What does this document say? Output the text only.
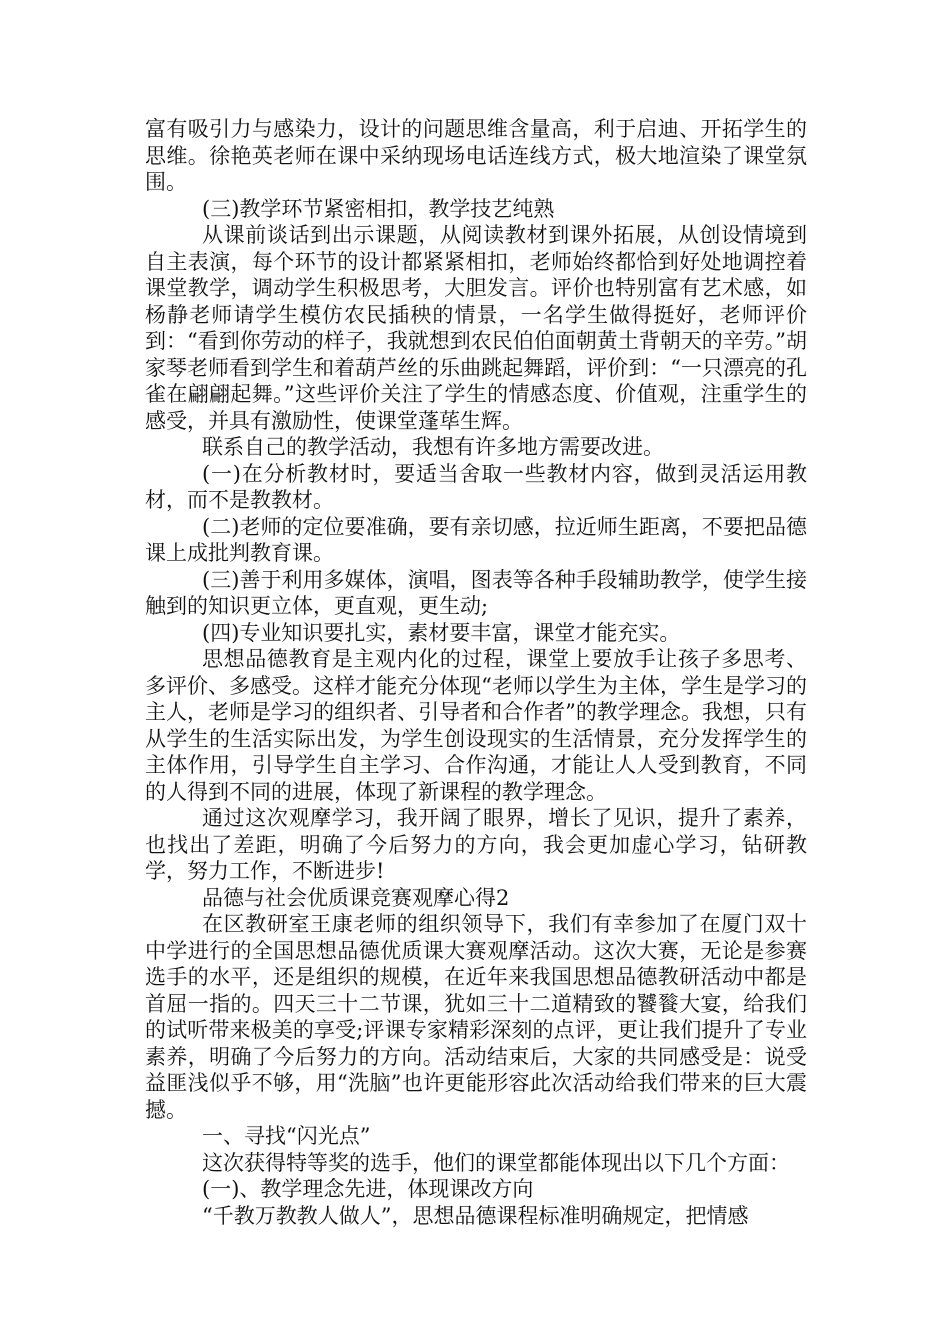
富有吸引力与感染力，设计的问题思维含量高，利于启迪、开拓学生的思维。徐艳英老师在课中采纳现场电话连线方式，极大地渲染了课堂氛围。

(三)教学环节紧密相扣，教学技艺纯熟

从课前谈话到出示课题，从阅读教材到课外拓展，从创设情境到自主表演，每个环节的设计都紧紧相扣，老师始终都恰到好处地调控着课堂教学，调动学生积极思考，大胆发言。评价也特别富有艺术感，如杨静老师请学生模仿农民插秧的情景，一名学生做得挺好，老师评价到：“看到你劳动的样子，我就想到农民伯伯面朝黄土背朝天的辛劳。”胡家琴老师看到学生和着葫芦丝的乐曲跳起舞蹈，评价到：“一只漂亮的孔雀在翩翩起舞。”这些评价关注了学生的情感态度、价值观，注重学生的感受，并具有激励性，使课堂蓬荜生辉。

联系自己的教学活动，我想有许多地方需要改进。

(一)在分析教材时，要适当舍取一些教材内容，做到灵活运用教材，而不是教教材。

(二)老师的定位要准确，要有亲切感，拉近师生距离，不要把品德课上成批判教育课。

(三)善于利用多媒体，演唱，图表等各种手段辅助教学，使学生接触到的知识更立体，更直观，更生动;

(四)专业知识要扎实，素材要丰富，课堂才能充实。

思想品德教育是主观内化的过程，课堂上要放手让孩子多思考、多评价、多感受。这样才能充分体现“老师以学生为主体，学生是学习的主人，老师是学习的组织者、引导者和合作者”的教学理念。我想，只有从学生的生活实际出发，为学生创设现实的生活情景，充分发挥学生的主体作用，引导学生自主学习、合作沟通，才能让人人受到教育，不同的人得到不同的进展，体现了新课程的教学理念。

通过这次观摩学习，我开阔了眼界，增长了见识，提升了素养，也找出了差距，明确了今后努力的方向，我会更加虚心学习，钻研教学，努力工作，不断进步!

品德与社会优质课竞赛观摩心得2

在区教研室王康老师的组织领导下，我们有幸参加了在厦门双十中学进行的全国思想品德优质课大赛观摩活动。这次大赛，无论是参赛选手的水平，还是组织的规模，在近年来我国思想品德教研活动中都是首屈一指的。四天三十二节课，犹如三十二道精致的饕餮大宴，给我们的试听带来极美的享受;评课专家精彩深刻的点评，更让我们提升了专业素养，明确了今后努力的方向。活动结束后，大家的共同感受是：说受益匪浅似乎不够，用“洗脑”也许更能形容此次活动给我们带来的巨大震撼。

一、寻找“闪光点”

这次获得特等奖的选手，他们的课堂都能体现出以下几个方面：

(一)、教学理念先进，体现课改方向

“千教万教教人做人”，思想品德课程标准明确规定，把情感
